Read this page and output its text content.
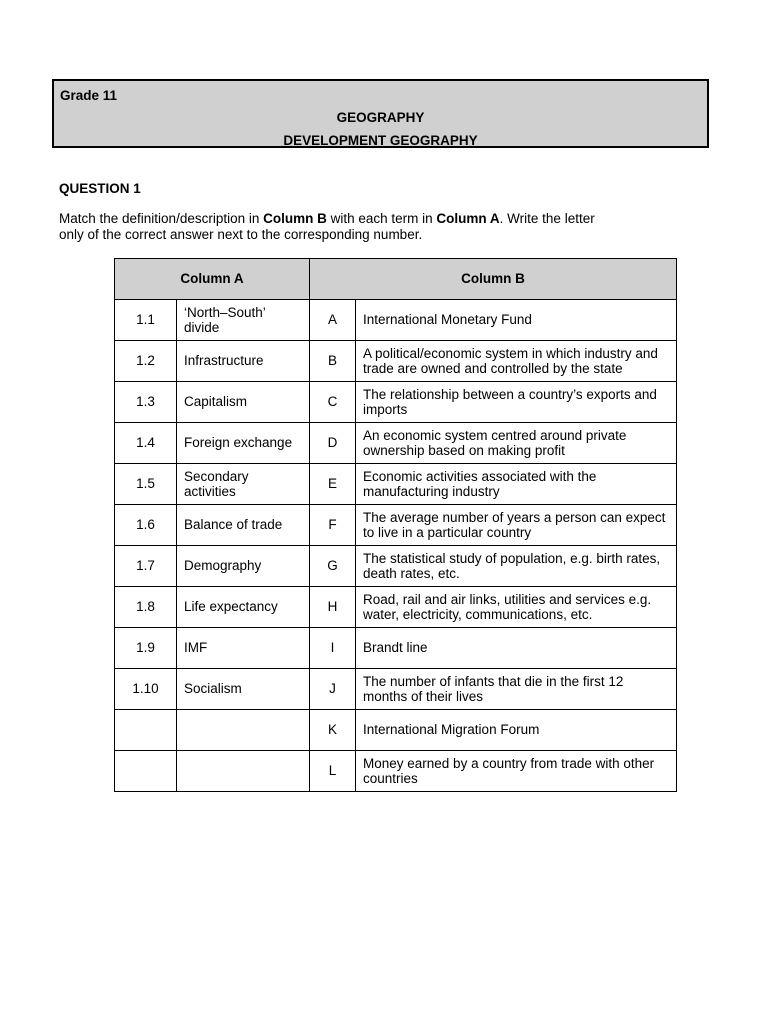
Grade 11
GEOGRAPHY
DEVELOPMENT GEOGRAPHY
QUESTION 1
Match the definition/description in Column B with each term in Column A. Write the letter only of the correct answer next to the corresponding number.
Column A		Column B	
1.1	‘North–South’ divide	A	International Monetary Fund
1.2	Infrastructure	B	A political/economic system in which industry and trade are owned and controlled by the state
1.3	Capitalism	C	The relationship between a country’s exports and imports
1.4	Foreign exchange	D	An economic system centred around private ownership based on making profit
1.5	Secondary activities	E	Economic activities associated with the manufacturing industry
1.6	Balance of trade	F	The average number of years a person can expect to live in a particular country
1.7	Demography	G	The statistical study of population, e.g. birth rates, death rates, etc.
1.8	Life expectancy	H	Road, rail and air links, utilities and services e.g. water, electricity, communications, etc.
1.9	IMF	I	Brandt line
1.10	Socialism	J	The number of infants that die in the first 12 months of their lives
		K	International Migration Forum
		L	Money earned by a country from trade with other countries
